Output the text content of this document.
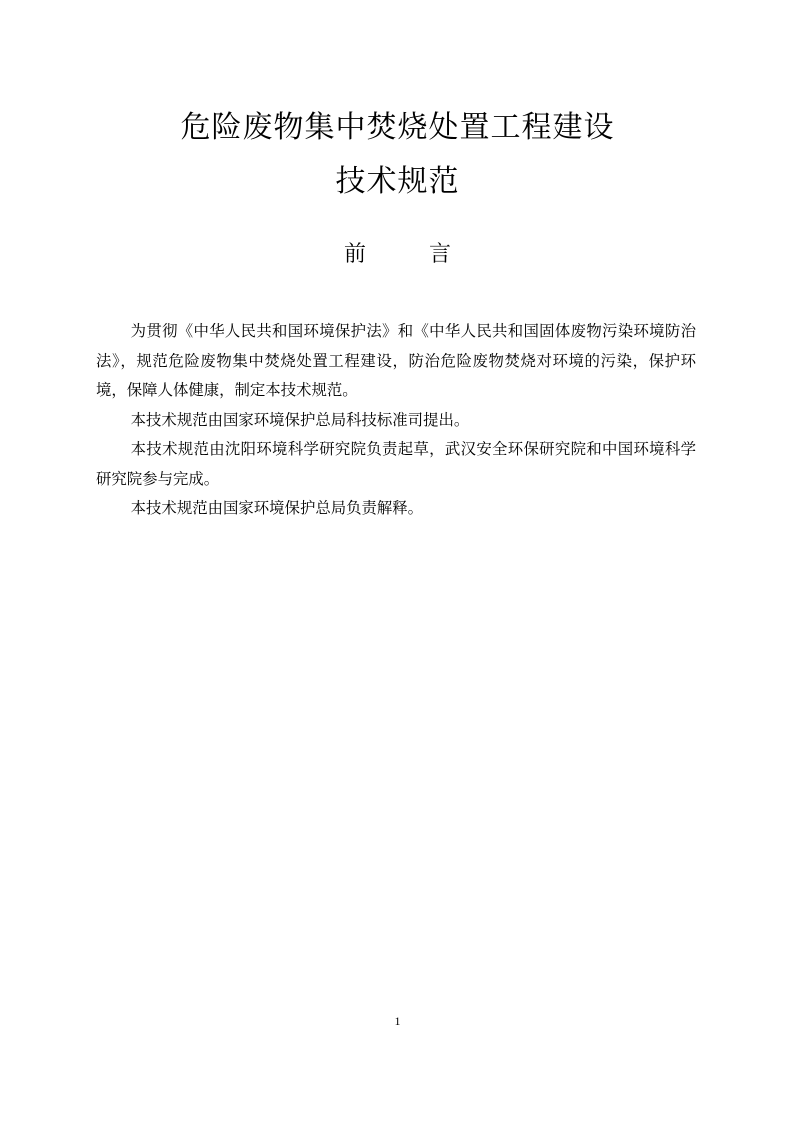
危险废物集中焚烧处置工程建设
技术规范
前 言

为贯彻《中华人民共和国环境保护法》和《中华人民共和国固体废物污染环境防治法》，规范危险废物集中焚烧处置工程建设，防治危险废物焚烧对环境的污染，保护环境，保障人体健康，制定本技术规范。

本技术规范由国家环境保护总局科技标准司提出。

本技术规范由沈阳环境科学研究院负责起草，武汉安全环保研究院和中国环境科学研究院参与完成。

本技术规范由国家环境保护总局负责解释。

1
